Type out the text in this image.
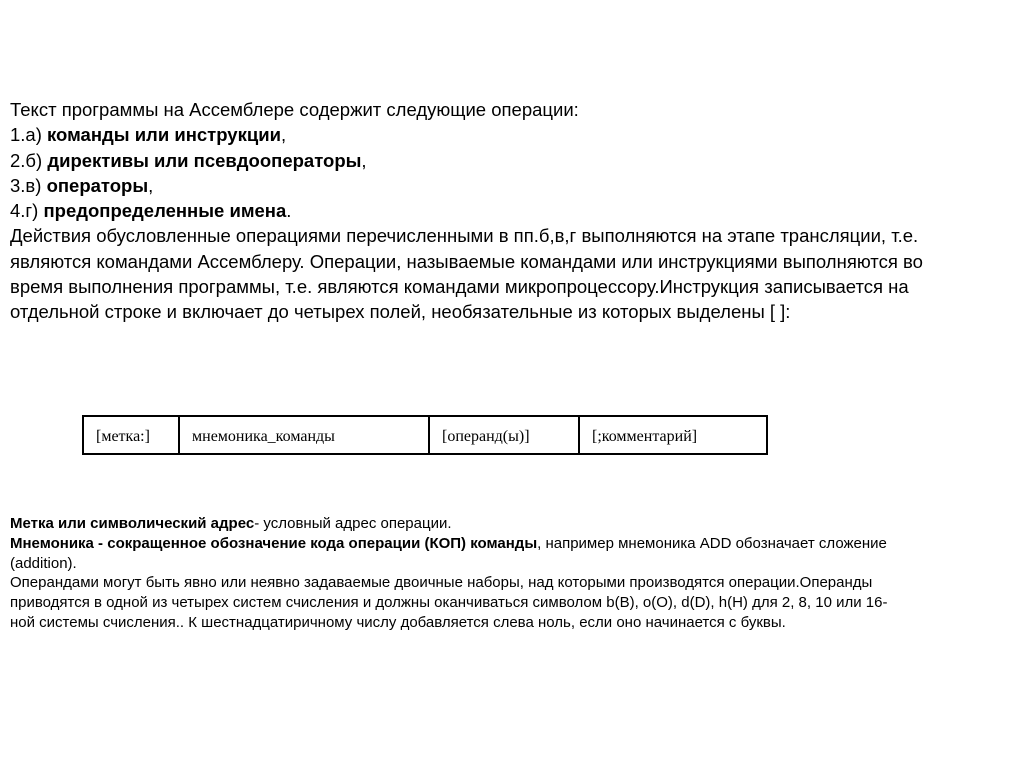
Текст программы на Ассемблере содержит следующие операции:
1.а) команды или инструкции,
2.б) директивы или псевдооператоры,
3.в) операторы,
4.г) предопределенные имена.
Действия обусловленные операциями перечисленными в пп.б,в,г выполняются на этапе трансляции, т.е.
являются командами Ассемблеру. Операции, называемые командами или инструкциями выполняются во
время выполнения программы, т.е. являются командами микропроцессору.Инструкция записывается на
отдельной строке и включает до четырех полей, необязательные из которых выделены [ ]:
[метка:]	мнемоника_команды	[операнд(ы)]	[;комментарий]
Метка или символический адрес- условный адрес операции.
Мнемоника - сокращенное обозначение кода операции (КОП) команды, например мнемоника ADD обозначает сложение
(addition).
Операндами могут быть явно или неявно задаваемые двоичные наборы, над которыми производятся операции.Операнды
приводятся в одной из четырех систем счисления и должны оканчиваться символом b(B), o(O), d(D), h(H) для 2, 8, 10 или 16-
ной системы счисления.. К шестнадцатиричному числу добавляется слева ноль, если оно начинается с буквы.
